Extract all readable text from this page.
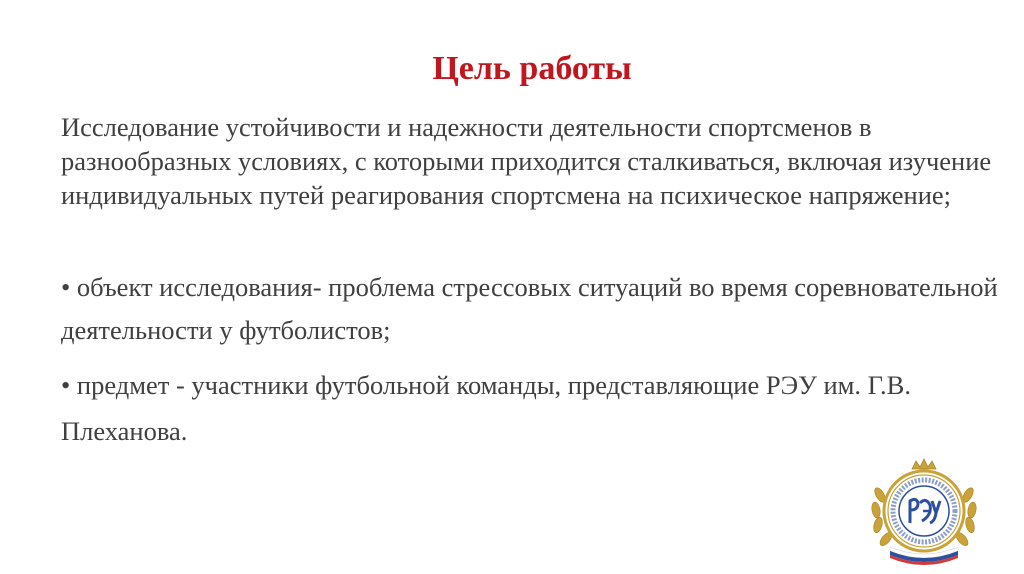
Цель работы

Исследование устойчивости и надежности деятельности спортсменов в разнообразных условиях, с которыми приходится сталкиваться, включая изучение индивидуальных путей реагирования спортсмена на психическое напряжение;

• объект исследования- проблема стрессовых ситуаций во время соревновательной деятельности у футболистов;

• предмет - участники футбольной команды, представляющие РЭУ им. Г.В. Плеханова.
